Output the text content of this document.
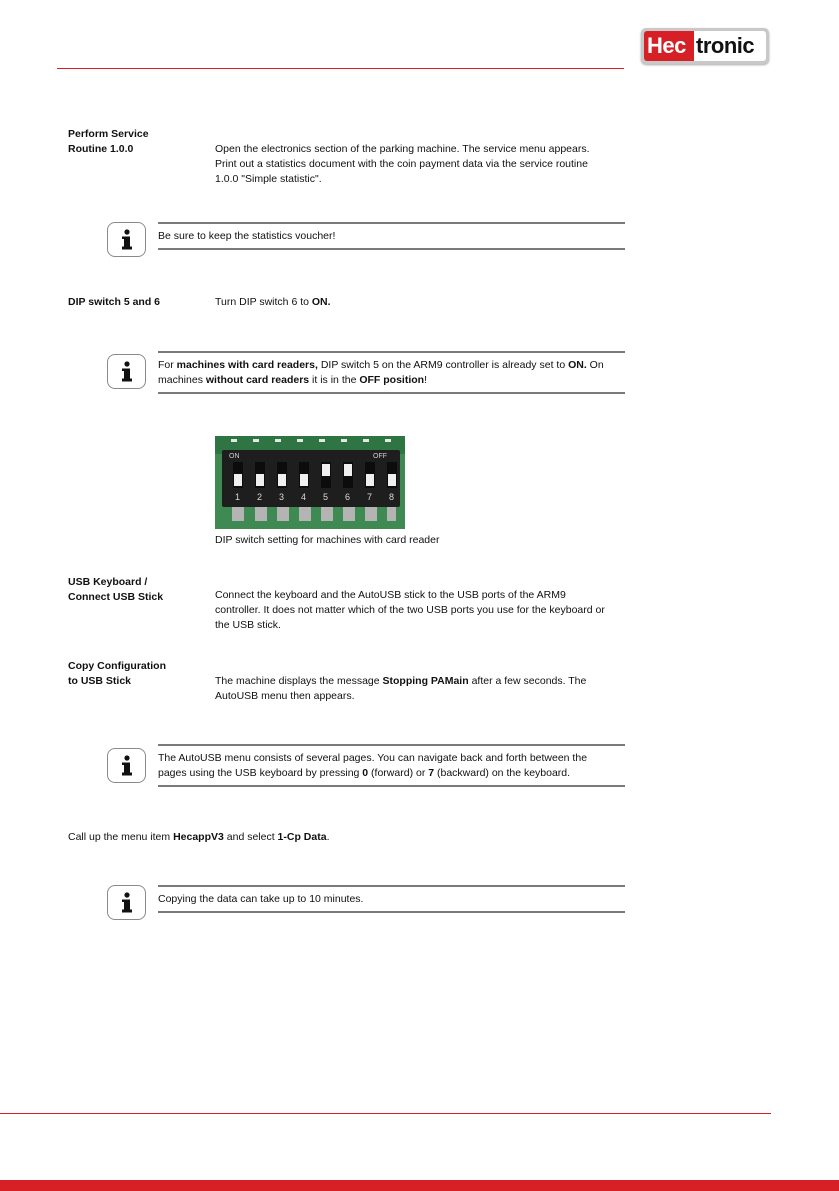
Hec tronic
Perform Service
Routine 1.0.0	Open the electronics section of the parking machine. The service menu appears.
Print out a statistics document with the coin payment data via the service routine
1.0.0 "Simple statistic".
Be sure to keep the statistics voucher!
DIP switch 5 and 6	Turn DIP switch 6 to ON.
For machines with card readers, DIP switch 5 on the ARM9 controller is already set to ON. On
machines without card readers it is in the OFF position!
ON	OFF
1 2 3 4 5 6 7 8
DIP switch setting for machines with card reader
USB Keyboard /
Connect USB Stick	Connect the keyboard and the AutoUSB stick to the USB ports of the ARM9
controller. It does not matter which of the two USB ports you use for the keyboard or
the USB stick.
Copy Configuration
to USB Stick	The machine displays the message Stopping PAMain after a few seconds. The
AutoUSB menu then appears.
The AutoUSB menu consists of several pages. You can navigate back and forth between the
pages using the USB keyboard by pressing 0 (forward) or 7 (backward) on the keyboard.
Call up the menu item HecappV3 and select 1-Cp Data.
Copying the data can take up to 10 minutes.
